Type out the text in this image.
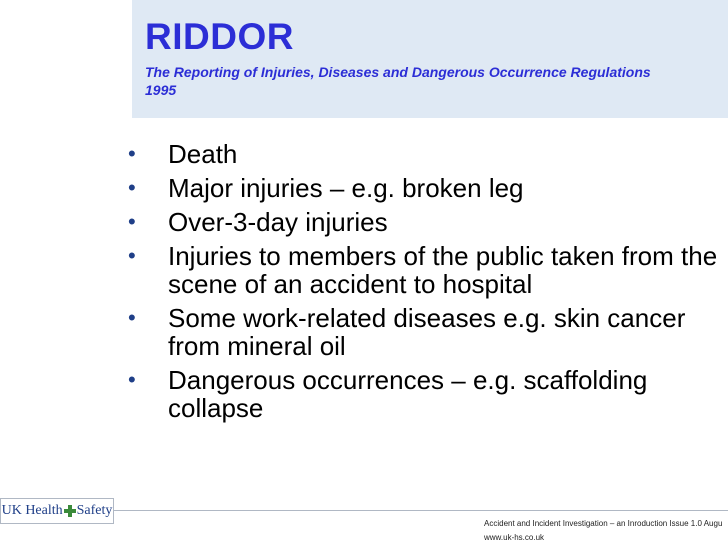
RIDDOR

The Reporting of Injuries, Diseases and Dangerous Occurrence Regulations 1995

•	Death
•	Major injuries – e.g. broken leg
•	Over-3-day injuries
•	Injuries to members of the public taken from the scene of an accident to hospital
•	Some work-related diseases e.g. skin cancer from mineral oil
•	Dangerous occurrences – e.g. scaffolding collapse
UK Health Safety
Accident and Incident Investigation – an Inroduction Issue 1.0 Augu
www.uk-hs.co.uk
